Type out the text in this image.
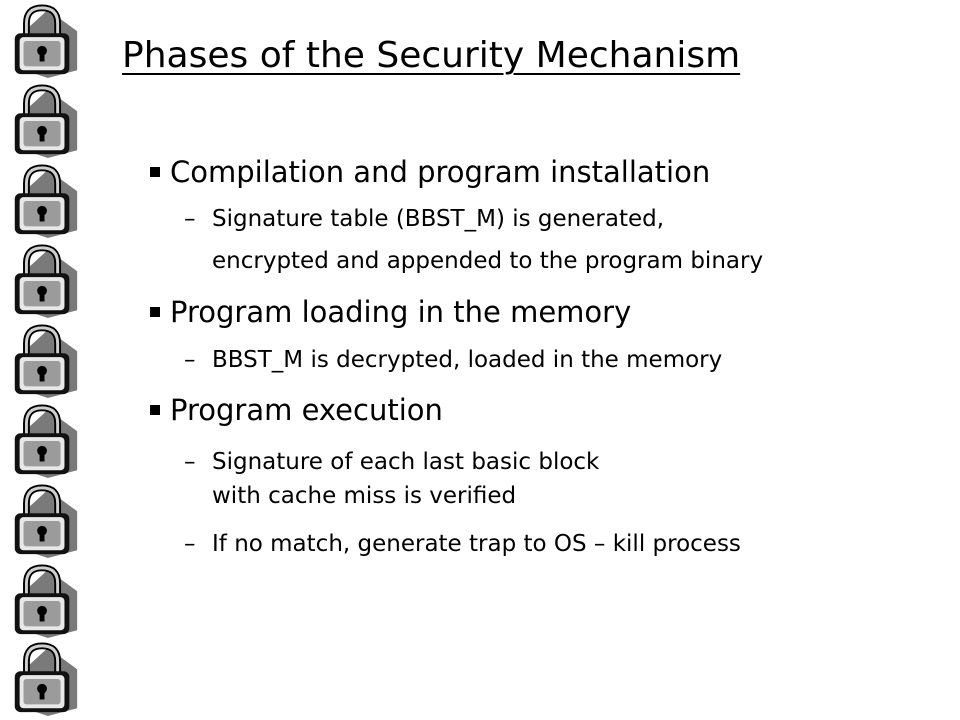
Phases of the Security Mechanism
Compilation and program installation
– Signature table (BBST_M) is generated,
encrypted and appended to the program binary
Program loading in the memory
– BBST_M is decrypted, loaded in the memory
Program execution
– Signature of each last basic block
with cache miss is verified
– If no match, generate trap to OS – kill process
